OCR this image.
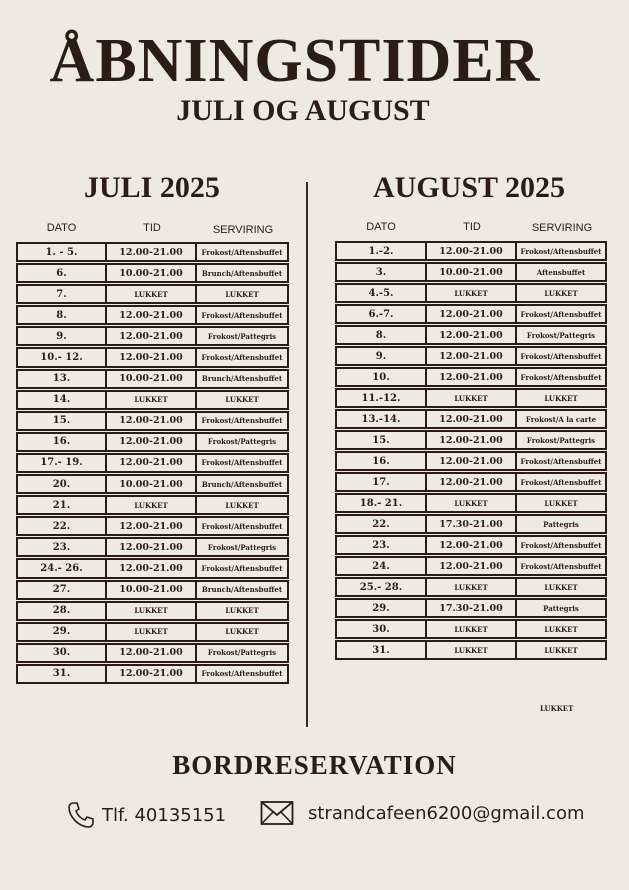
ÅBNINGSTIDER
JULI OG AUGUST
JULI 2025
DATO	TID	SERVIRING
1. - 5.	12.00-21.00	Frokost/Aftensbuffet
6.	10.00-21.00	Brunch/Aftensbuffet
7.	LUKKET	LUKKET
8.	12.00-21.00	Frokost/Aftensbuffet
9.	12.00-21.00	Frokost/Pattegris
10.- 12.	12.00-21.00	Frokost/Aftensbuffet
13.	10.00-21.00	Brunch/Aftensbuffet
14.	LUKKET	LUKKET
15.	12.00-21.00	Frokost/Aftensbuffet
16.	12.00-21.00	Frokost/Pattegris
17.- 19.	12.00-21.00	Frokost/Aftensbuffet
20.	10.00-21.00	Brunch/Aftensbuffet
21.	LUKKET	LUKKET
22.	12.00-21.00	Frokost/Aftensbuffet
23.	12.00-21.00	Frokost/Pattegris
24.- 26.	12.00-21.00	Frokost/Aftensbuffet
27.	10.00-21.00	Brunch/Aftensbuffet
28.	LUKKET	LUKKET
29.	LUKKET	LUKKET
30.	12.00-21.00	Frokost/Pattegris
31.	12.00-21.00	Frokost/Aftensbuffet
AUGUST 2025
DATO	TID	SERVIRING
1.-2.	12.00-21.00	Frokost/Aftensbuffet
3.	10.00-21.00	Aftensbuffet
4.-5.	LUKKET	LUKKET
6.-7.	12.00-21.00	Frokost/Aftensbuffet
8.	12.00-21.00	Frokost/Pattegris
9.	12.00-21.00	Frokost/Aftensbuffet
10.	12.00-21.00	Frokost/Aftensbuffet
11.-12.	LUKKET	LUKKET
13.-14.	12.00-21.00	Frokost/A la carte
15.	12.00-21.00	Frokost/Pattegris
16.	12.00-21.00	Frokost/Aftensbuffet
17.	12.00-21.00	Frokost/Aftensbuffet
18.- 21.	LUKKET	LUKKET
22.	17.30-21.00	Pattegris
23.	12.00-21.00	Frokost/Aftensbuffet
24.	12.00-21.00	Frokost/Aftensbuffet
25.- 28.	LUKKET	LUKKET
29.	17.30-21.00	Pattegris
30.	LUKKET	LUKKET
31.	LUKKET	LUKKET
LUKKET
BORDRESERVATION
Tlf. 40135151	strandcafeen6200@gmail.com
